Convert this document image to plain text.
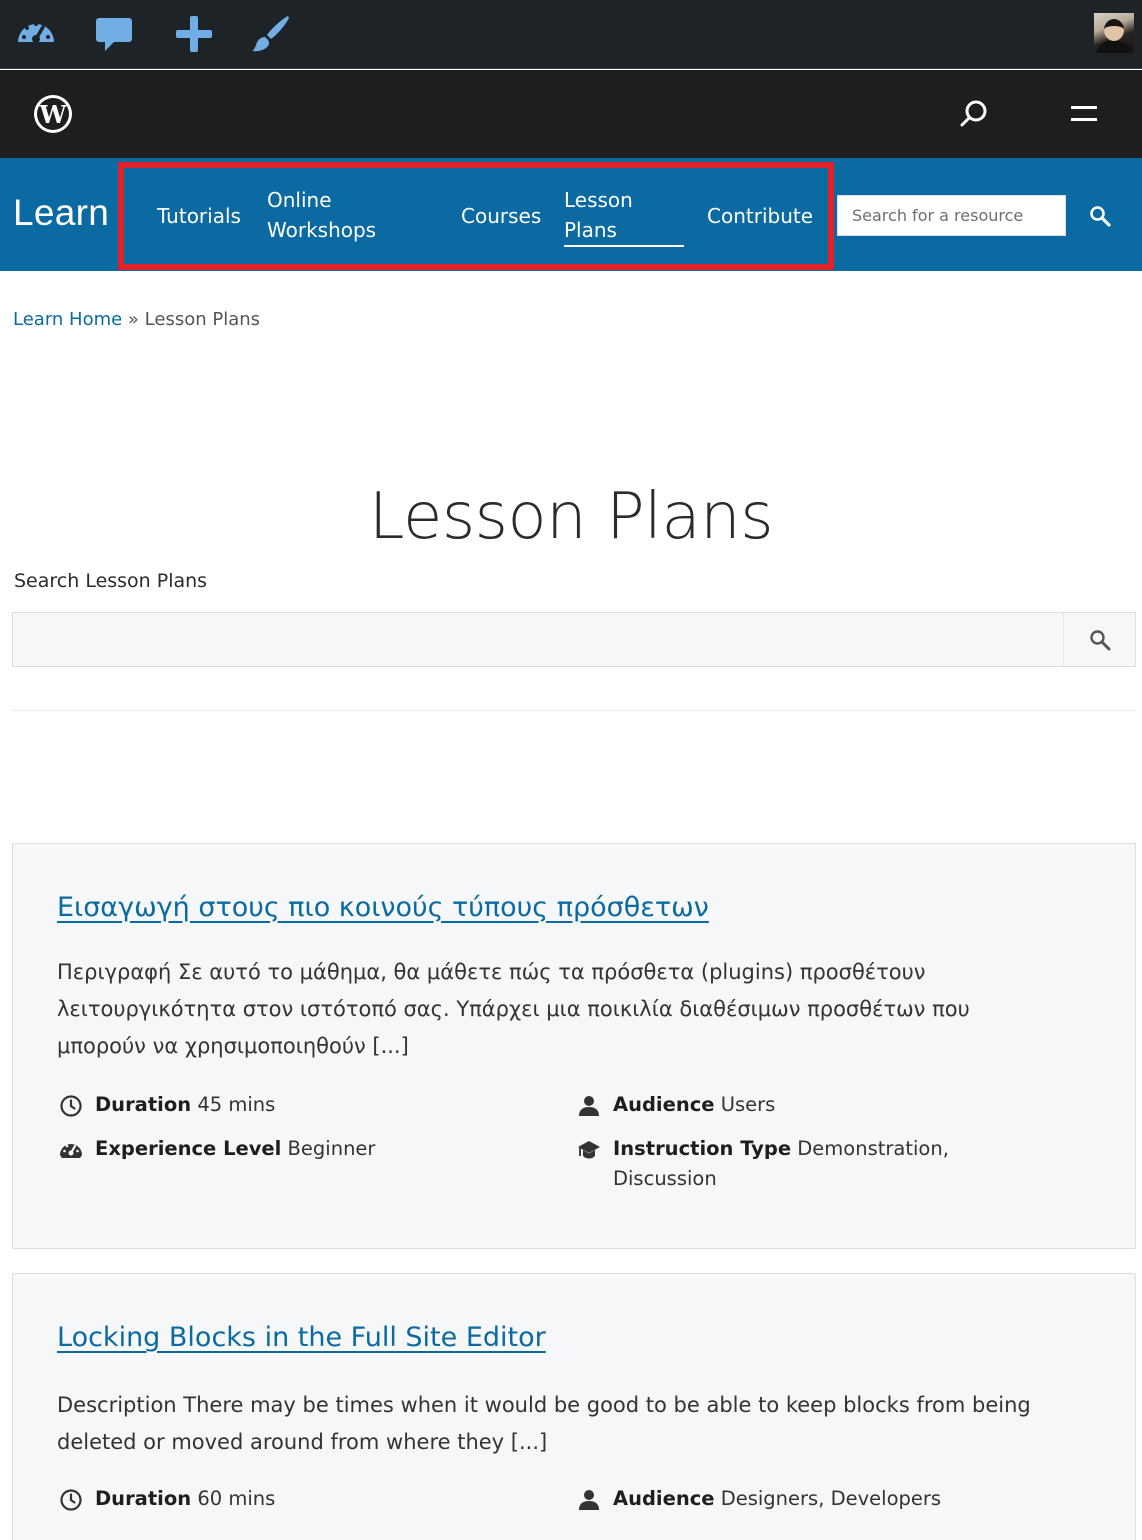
W
Learn Tutorials
Online
Workshops
Courses
Lesson
Plans
Contribute
Search for a resource
Learn Home » Lesson Plans
Lesson Plans
Search Lesson Plans
Εισαγωγή στους πιο κοινούς τύπους πρόσθετων
Περιγραφή Σε αυτό το μάθημα, θα μάθετε πώς τα πρόσθετα (plugins) προσθέτουν
λειτουργικότητα στον ιστότοπό σας. Υπάρχει μια ποικιλία διαθέσιμων προσθέτων που
μπορούν να χρησιμοποιηθούν [...]
Duration 45 mins	Audience Users
Experience Level Beginner	Instruction Type Demonstration,
Discussion
Locking Blocks in the Full Site Editor
Description There may be times when it would be good to be able to keep blocks from being
deleted or moved around from where they [...]
Duration 60 mins	Audience Designers, Developers
